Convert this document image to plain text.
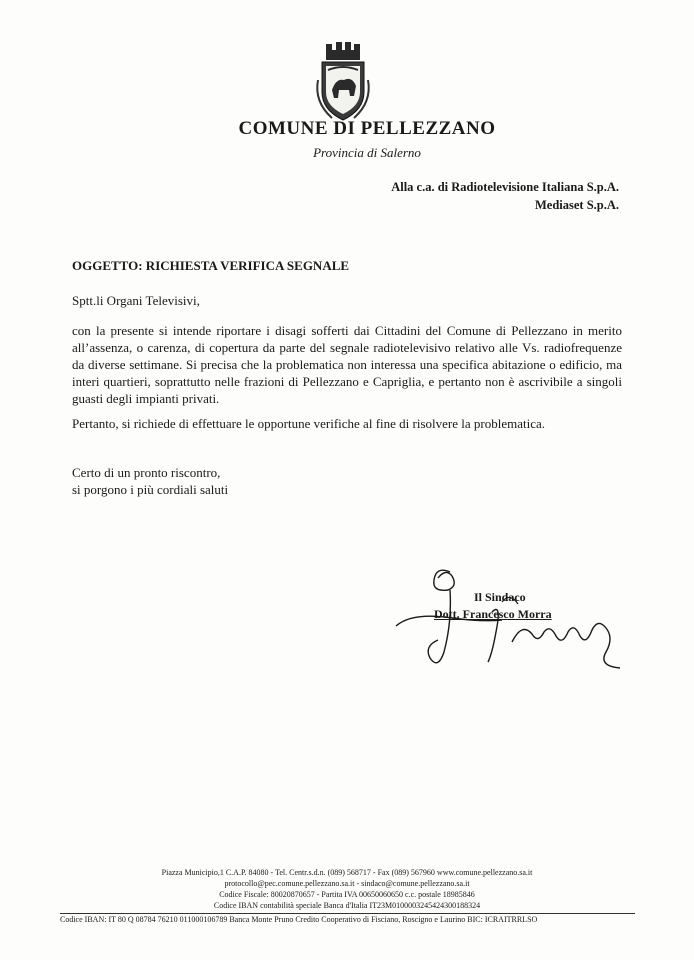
COMUNE DI PELLEZZANO
Provincia di Salerno
Alla c.a. di Radiotelevisione Italiana S.p.A.
Mediaset S.p.A.
OGGETTO: RICHIESTA VERIFICA SEGNALE
Sptt.li Organi Televisivi,
con la presente si intende riportare i disagi sofferti dai Cittadini del Comune di Pellezzano in merito all’assenza, o carenza, di copertura da parte del segnale radiotelevisivo relativo alle Vs. radiofrequenze da diverse settimane. Si precisa che la problematica non interessa una specifica abitazione o edificio, ma interi quartieri, soprattutto nelle frazioni di Pellezzano e Capriglia, e pertanto non è ascrivibile a singoli guasti degli impianti privati.
Pertanto, si richiede di effettuare le opportune verifiche al fine di risolvere la problematica.
Certo di un pronto riscontro,
si porgono i più cordiali saluti
Il Sindaco
Dott. Francesco Morra
Piazza Municipio,1 C.A.P. 84080 - Tel. Centr.s.d.n. (089) 568717 - Fax (089) 567960 www.comune.pellezzano.sa.it
protocollo@pec.comune.pellezzano.sa.it - sindaco@comune.pellezzano.sa.it
Codice Fiscale: 80020870657 - Partita IVA 00650060650 c.c. postale 18985846
Codice IBAN contabilità speciale Banca d'Italia IT23M0100003245424300188324
Codice IBAN: IT 80 Q 08784 76210 011000106789 Banca Monte Pruno Credito Cooperativo di Fisciano, Roscigno e Laurino BIC: ICRAITRRLSO
